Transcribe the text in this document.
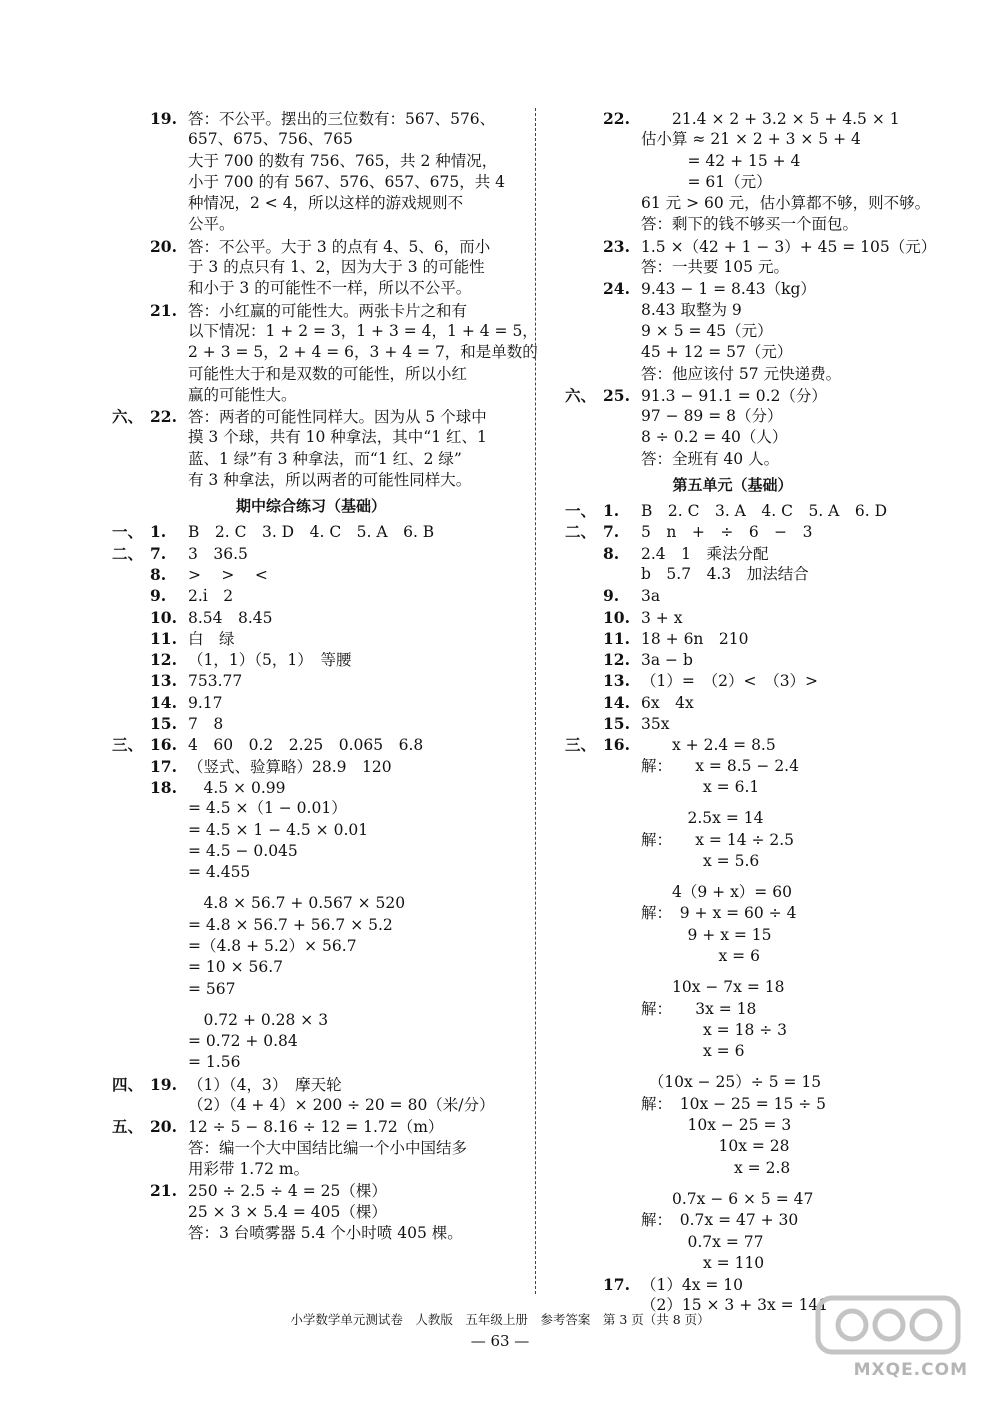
19. 答：不公平。摆出的三位数有：567、576、
657、675、756、765
大于 700 的数有 756、765，共 2 种情况，
小于 700 的有 567、576、657、675，共 4
种情况，2 < 4，所以这样的游戏规则不
公平。
20. 答：不公平。大于 3 的点有 4、5、6，而小
于 3 的点只有 1、2，因为大于 3 的可能性
和小于 3 的可能性不一样，所以不公平。
21. 答：小红赢的可能性大。两张卡片之和有
以下情况：1 + 2 = 3，1 + 3 = 4，1 + 4 = 5，
2 + 3 = 5，2 + 4 = 6，3 + 4 = 7，和是单数的
可能性大于和是双数的可能性，所以小红
赢的可能性大。
六、 22. 答：两者的可能性同样大。因为从 5 个球中
摸 3 个球，共有 10 种拿法，其中“1 红、1
蓝、1 绿”有 3 种拿法，而“1 红、2 绿”
有 3 种拿法，所以两者的可能性同样大。
期中综合练习（基础）
一、 1. B　2. C　3. D　4. C　5. A　6. B
二、 7. 3　36.5
8. >　 >　 <
9. 2.i̇　2
10. 8.54　8.45
11. 白　绿
12. （1，1）（5，1）　等腰
13. 753.77
14. 9.17
15. 7　8
三、 16. 4　60　0.2　2.25　0.065　6.8
17. （竖式、验算略）28.9　120
18.　4.5 × 0.99
= 4.5 ×（1 − 0.01）
= 4.5 × 1 − 4.5 × 0.01
= 4.5 − 0.045
= 4.455
　4.8 × 56.7 + 0.567 × 520
= 4.8 × 56.7 + 56.7 × 5.2
=（4.8 + 5.2）× 56.7
= 10 × 56.7
= 567
　0.72 + 0.28 × 3
= 0.72 + 0.84
= 1.56
四、 19. （1）（4，3）　摩天轮
（2）（4 + 4）× 200 ÷ 20 = 80（米/分）
五、 20. 12 ÷ 5 − 8.16 ÷ 12 = 1.72（m）
答：编一个大中国结比编一个小中国结多
用彩带 1.72 m。
21. 250 ÷ 2.5 ÷ 4 = 25（棵）
25 × 3 × 5.4 = 405（棵）
答：3 台喷雾器 5.4 个小时喷 405 棵。
22.　　21.4 × 2 + 3.2 × 5 + 4.5 × 1
估小算 ≈ 21 × 2 + 3 × 5 + 4
　　　= 42 + 15 + 4
　　　= 61（元）
61 元 > 60 元，估小算都不够，则不够。
答：剩下的钱不够买一个面包。
23. 1.5 ×（42 + 1 − 3）+ 45 = 105（元）
答：一共要 105 元。
24. 9.43 − 1 = 8.43（kg）
8.43 取整为 9
9 × 5 = 45（元）
45 + 12 = 57（元）
答：他应该付 57 元快递费。
六、 25. 91.3 − 91.1 = 0.2（分）
97 − 89 = 8（分）
8 ÷ 0.2 = 40（人）
答：全班有 40 人。
第五单元（基础）
一、 1. B　2. C　3. A　4. C　5. A　6. D
二、 7. 5　n　+　÷　6　−　3
8. 2.4　1　乘法分配
b　5.7　4.3　加法结合
9. 3a
10. 3 + x
11. 18 + 6n　210
12. 3a − b
13. （1）=　（2）<　（3）>
14. 6x　4x
15. 35x
三、 16.　　x + 2.4 = 8.5
解：　　x = 8.5 − 2.4
　　　　x = 6.1
　　　2.5x = 14
解：　　x = 14 ÷ 2.5
　　　　x = 5.6
　　4（9 + x）= 60
解：　9 + x = 60 ÷ 4
　　　9 + x = 15
　　　　　x = 6
　　10x − 7x = 18
解：　　3x = 18
　　　　x = 18 ÷ 3
　　　　x = 6
　（10x − 25）÷ 5 = 15
解：　10x − 25 = 15 ÷ 5
　　　10x − 25 = 3
　　　　　10x = 28
　　　　　　x = 2.8
　　0.7x − 6 × 5 = 47
解：　0.7x = 47 + 30
　　　0.7x = 77
　　　　x = 110
17. （1）4x = 10
（2）15 × 3 + 3x = 141
小学数学单元测试卷　人教版　五年级上册　参考答案　第 3 页（共 8 页）
— 63 —
MXQE.COM
